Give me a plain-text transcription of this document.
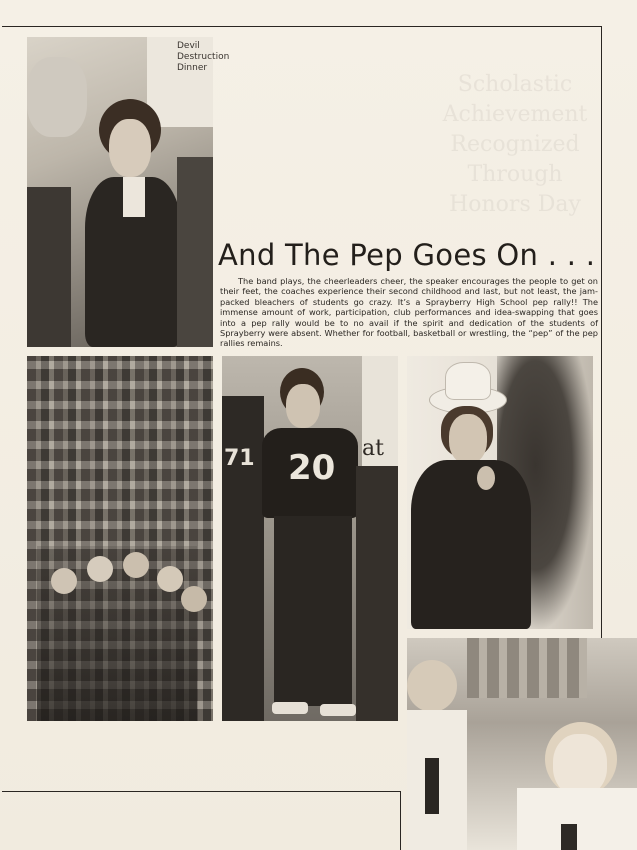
Scholastic Achievement
Recognized
Through
Honors Day
Devil Destruction Dinner
at
71 20
And The Pep Goes On . . .

The band plays, the cheerleaders cheer, the speaker encourages the people to get on their feet, the coaches experience their second childhood and last, but not least, the jam-packed bleachers of students go crazy. It’s a Sprayberry High School pep rally!! The immense amount of work, participation, club performances and idea-swapping that goes into a pep rally would be to no avail if the spirit and dedication of the students of Sprayberry were absent. Whether for football, basketball or wrestling, the “pep” of the pep rallies remains.
